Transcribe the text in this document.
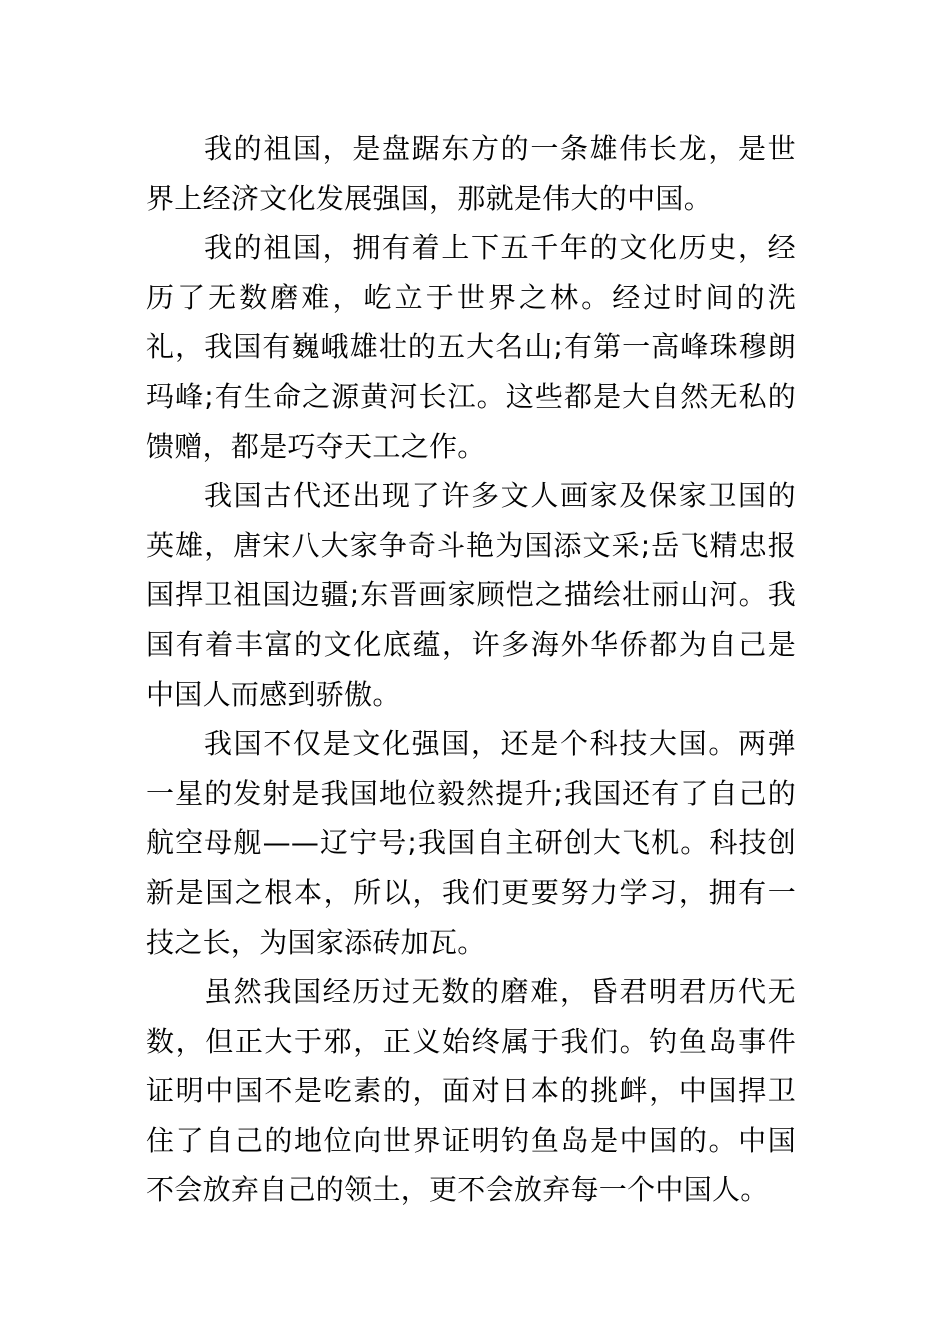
我的祖国，是盘踞东方的一条雄伟长龙，是世界上经济文化发展强国，那就是伟大的中国。

我的祖国，拥有着上下五千年的文化历史，经历了无数磨难，屹立于世界之林。经过时间的洗礼，我国有巍峨雄壮的五大名山;有第一高峰珠穆朗玛峰;有生命之源黄河长江。这些都是大自然无私的馈赠，都是巧夺天工之作。

我国古代还出现了许多文人画家及保家卫国的英雄，唐宋八大家争奇斗艳为国添文采;岳飞精忠报国捍卫祖国边疆;东晋画家顾恺之描绘壮丽山河。我国有着丰富的文化底蕴，许多海外华侨都为自己是中国人而感到骄傲。

我国不仅是文化强国，还是个科技大国。两弹一星的发射是我国地位毅然提升;我国还有了自己的航空母舰——辽宁号;我国自主研创大飞机。科技创新是国之根本，所以，我们更要努力学习，拥有一技之长，为国家添砖加瓦。

虽然我国经历过无数的磨难，昏君明君历代无数，但正大于邪，正义始终属于我们。钓鱼岛事件证明中国不是吃素的，面对日本的挑衅，中国捍卫住了自己的地位向世界证明钓鱼岛是中国的。中国不会放弃自己的领土，更不会放弃每一个中国人。
